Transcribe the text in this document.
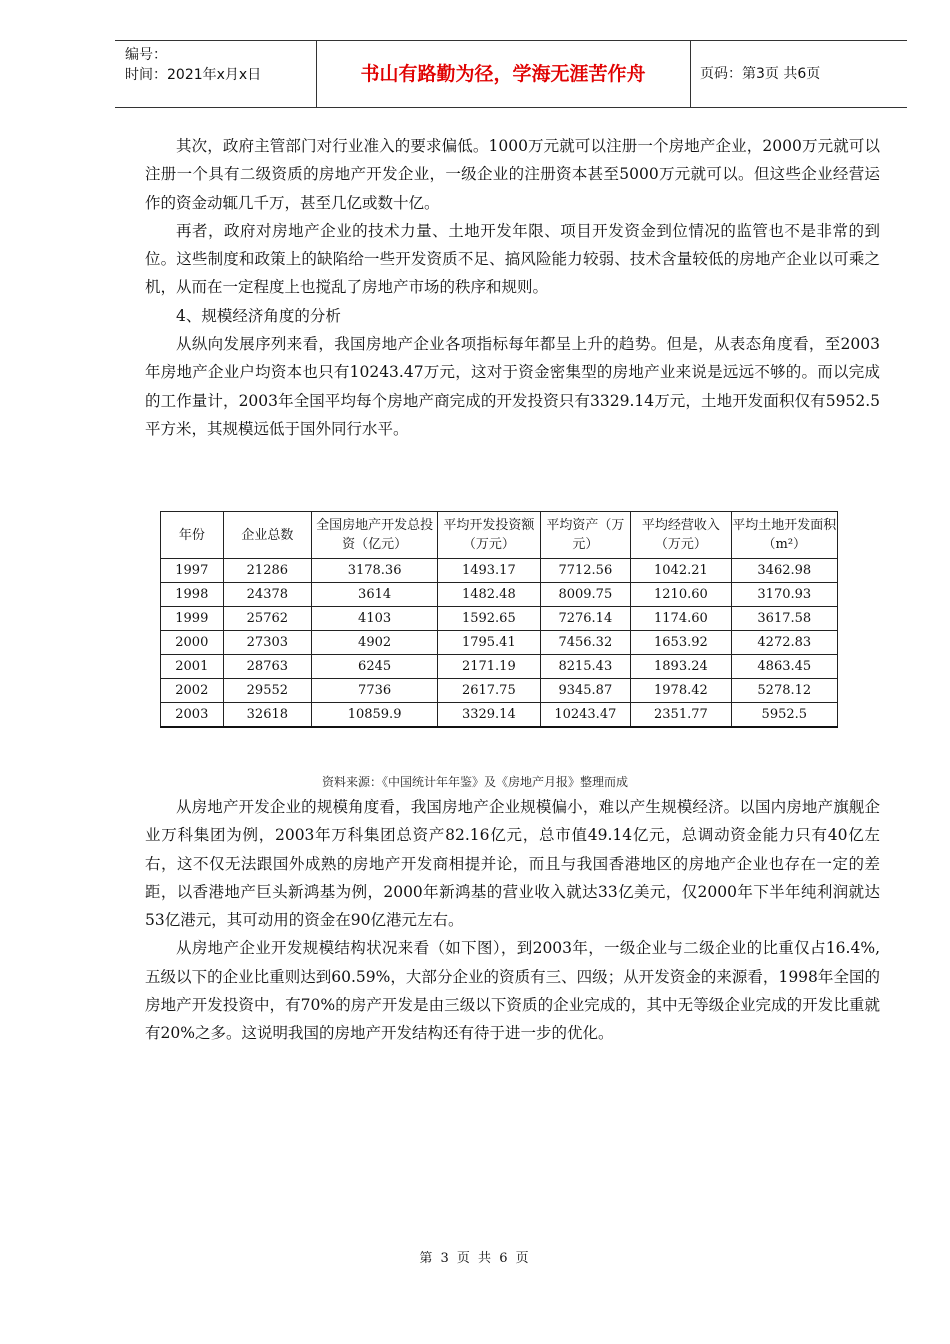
编号：
时间：2021年x月x日	书山有路勤为径，学海无涯苦作舟	页码：第3页 共6页

其次，政府主管部门对行业准入的要求偏低。1000万元就可以注册一个房地产企业，2000万元就可以注册一个具有二级资质的房地产开发企业，一级企业的注册资本甚至5000万元就可以。但这些企业经营运作的资金动辄几千万，甚至几亿或数十亿。

再者，政府对房地产企业的技术力量、土地开发年限、项目开发资金到位情况的监管也不是非常的到位。这些制度和政策上的缺陷给一些开发资质不足、搞风险能力较弱、技术含量较低的房地产企业以可乘之机，从而在一定程度上也搅乱了房地产市场的秩序和规则。

4、规模经济角度的分析

从纵向发展序列来看，我国房地产企业各项指标每年都呈上升的趋势。但是，从表态角度看，至2003年房地产企业户均资本也只有10243.47万元，这对于资金密集型的房地产业来说是远远不够的。而以完成的工作量计，2003年全国平均每个房地产商完成的开发投资只有3329.14万元，土地开发面积仅有5952.5平方米，其规模远低于国外同行水平。

年份	企业总数	全国房地产开发总投资（亿元）	平均开发投资额（万元）	平均资产（万元）	平均经营收入（万元）	平均土地开发面积（m²）
1997	21286	3178.36	1493.17	7712.56	1042.21	3462.98
1998	24378	3614	1482.48	8009.75	1210.60	3170.93
1999	25762	4103	1592.65	7276.14	1174.60	3617.58
2000	27303	4902	1795.41	7456.32	1653.92	4272.83
2001	28763	6245	2171.19	8215.43	1893.24	4863.45
2002	29552	7736	2617.75	9345.87	1978.42	5278.12
2003	32618	10859.9	3329.14	10243.47	2351.77	5952.5
资料来源：《中国统计年年鉴》及《房地产月报》整理而成

从房地产开发企业的规模角度看，我国房地产企业规模偏小，难以产生规模经济。以国内房地产旗舰企业万科集团为例，2003年万科集团总资产82.16亿元，总市值49.14亿元，总调动资金能力只有40亿左右，这不仅无法跟国外成熟的房地产开发商相提并论，而且与我国香港地区的房地产企业也存在一定的差距，以香港地产巨头新鸿基为例，2000年新鸿基的营业收入就达33亿美元，仅2000年下半年纯利润就达53亿港元，其可动用的资金在90亿港元左右。

从房地产企业开发规模结构状况来看（如下图），到2003年，一级企业与二级企业的比重仅占16.4%,五级以下的企业比重则达到60.59%，大部分企业的资质有三、四级；从开发资金的来源看，1998年全国的房地产开发投资中，有70%的房产开发是由三级以下资质的企业完成的，其中无等级企业完成的开发比重就有20%之多。这说明我国的房地产开发结构还有待于进一步的优化。

第 3 页 共 6 页
